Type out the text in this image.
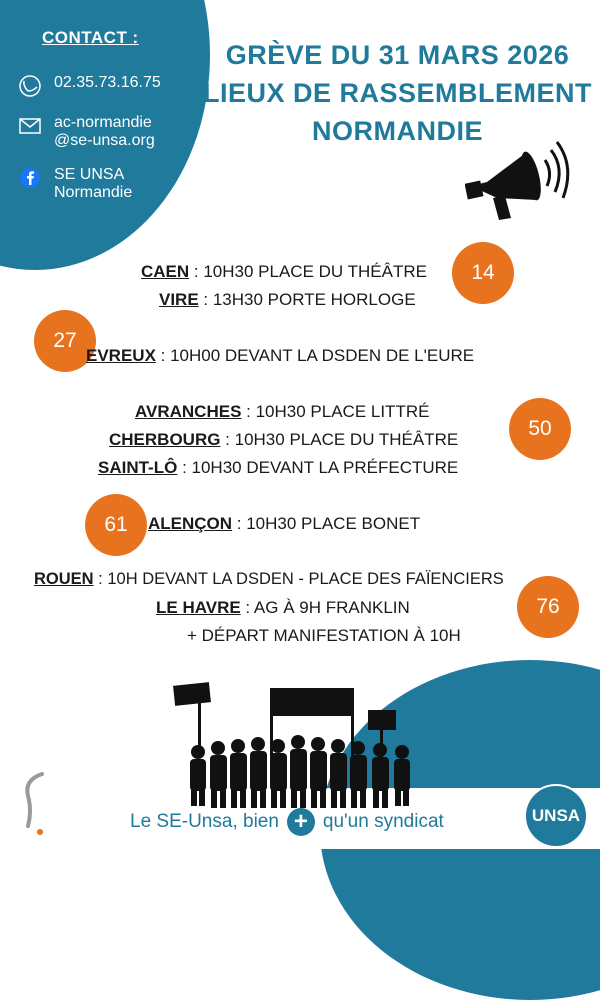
CONTACT :
02.35.73.16.75
ac-normandie
@se-unsa.org
SE UNSA
Normandie
GRÈVE DU 31 MARS 2026
LIEUX DE RASSEMBLEMENT
NORMANDIE
14
27
50
61
76
CAEN : 10H30 PLACE DU THÉÂTRE
VIRE : 13H30 PORTE HORLOGE
EVREUX : 10H00 DEVANT LA DSDEN DE L'EURE
AVRANCHES : 10H30 PLACE LITTRÉ
CHERBOURG : 10H30 PLACE DU THÉÂTRE
SAINT-LÔ : 10H30 DEVANT LA PRÉFECTURE
ALENÇON : 10H30 PLACE BONET
ROUEN : 10H DEVANT LA DSDEN - PLACE DES FAÏENCIERS
LE HAVRE : AG À 9H FRANKLIN
+ DÉPART MANIFESTATION À 10H
Le SE-Unsa, bien + qu'un syndicat	UNSA
